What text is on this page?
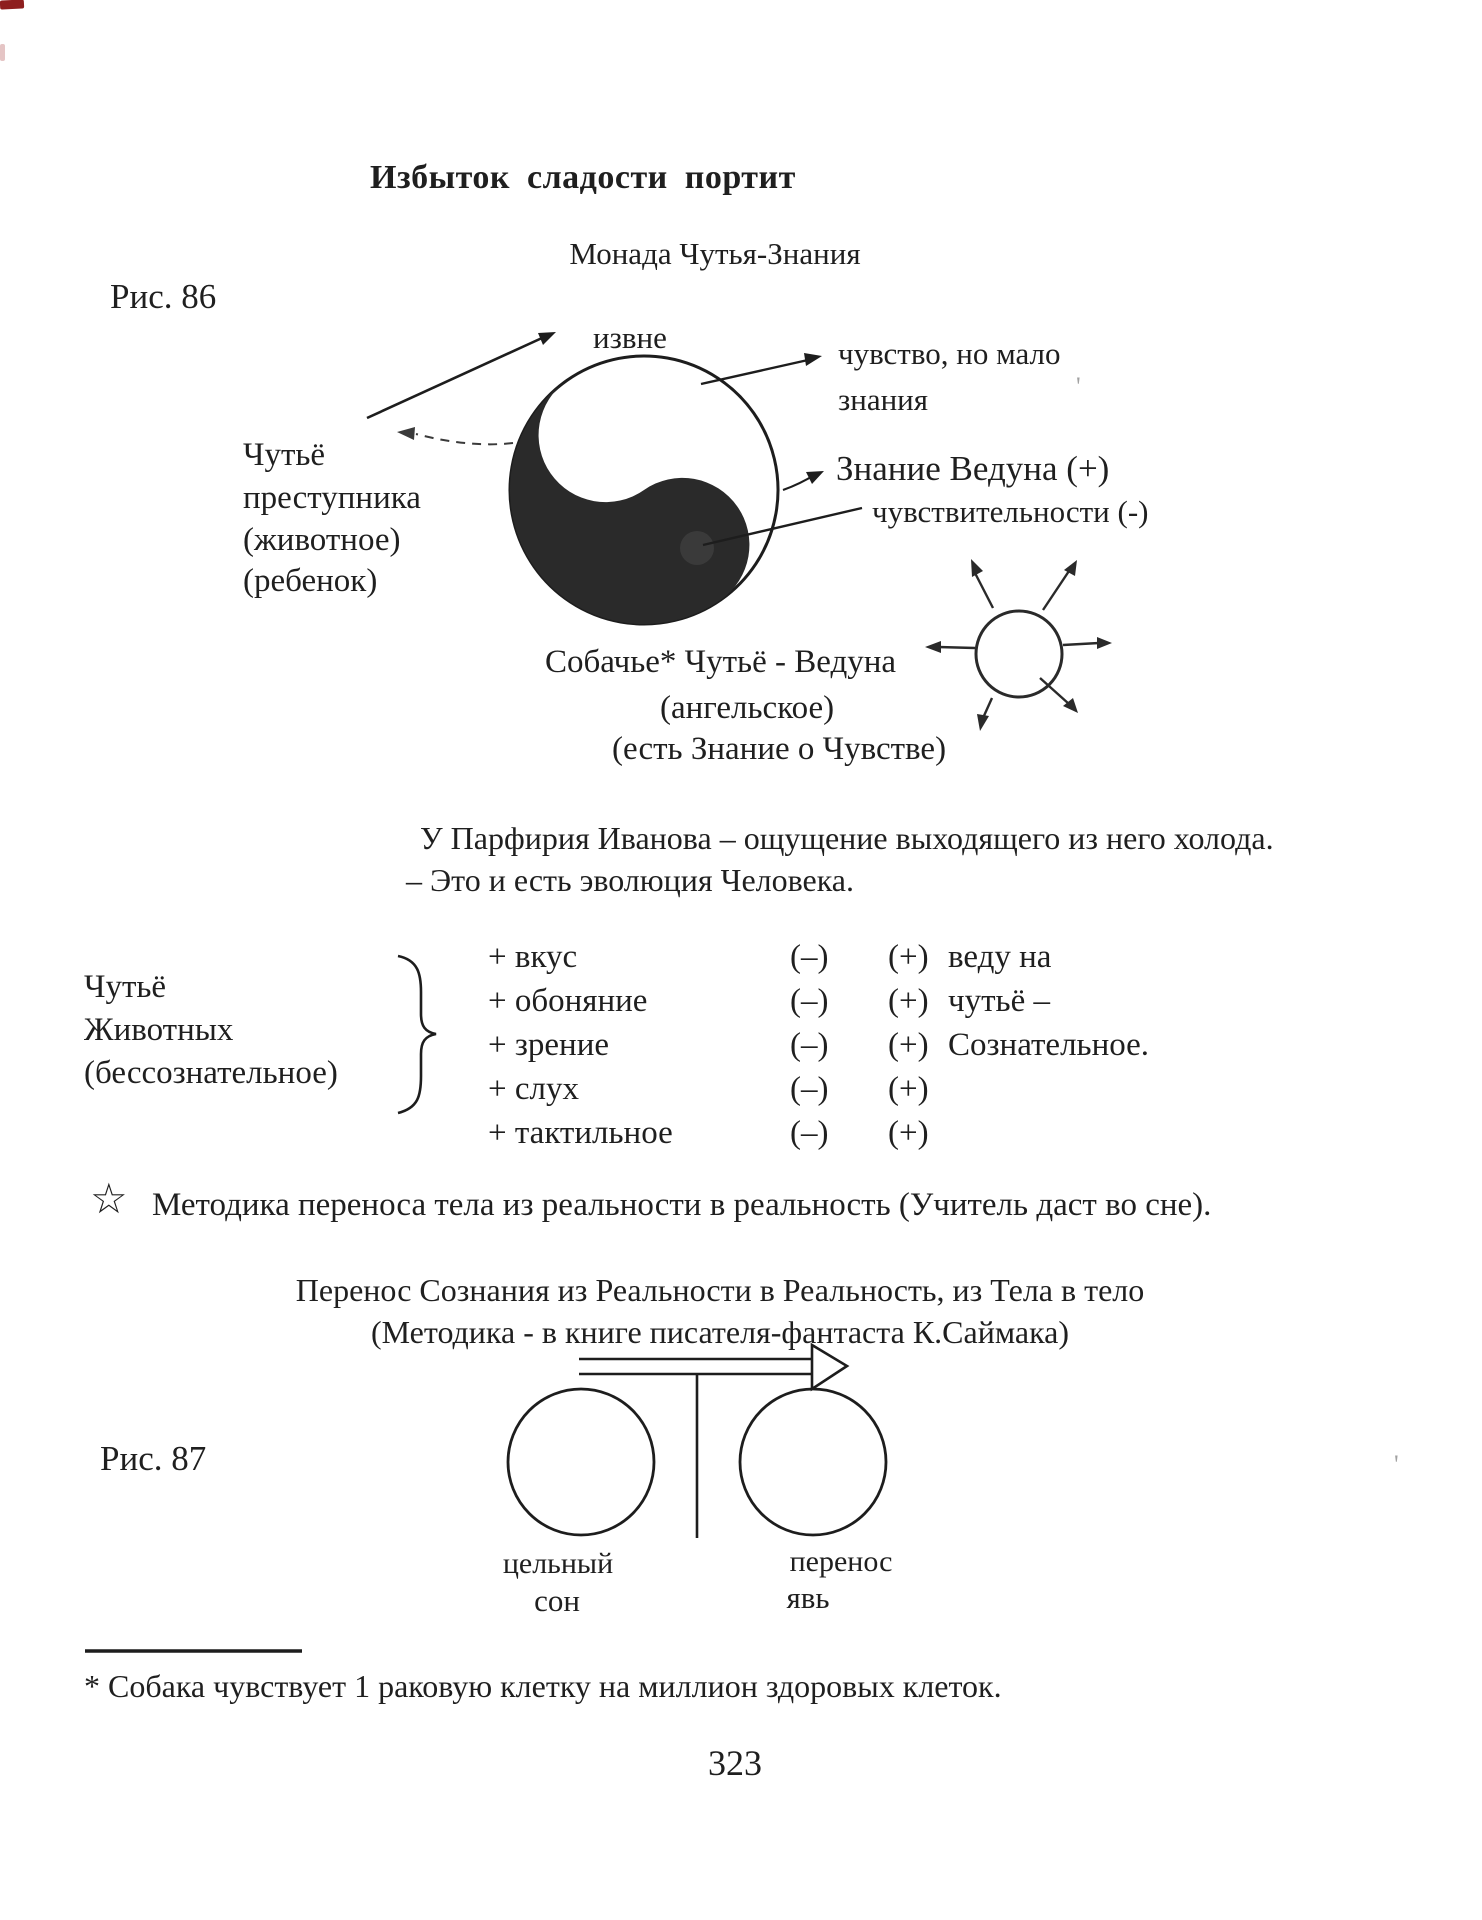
Избыток сладости портит
Монада Чутья-Знания
Рис. 86
извне
Чутьё
преступника
(животное)
(ребенок)
чувство, но мало
знания
Знание Ведуна (+)
чувствительности (-)
Собачье* Чутьё - Ведуна
(ангельское)
(есть Знание о Чувстве)
У Парфирия Иванова – ощущение выходящего из него холода.
– Это и есть эволюция Человека.
Чутьё
Животных
(бессознательное)
+ вкус	(–) (+) веду на
+ обоняние	(–) (+) чутьё –
+ зрение	(–) (+) Сознательное.
+ слух	(–) (+)
+ тактильное	(–) (+)
☆ Методика переноса тела из реальности в реальность (Учитель даст во сне).
Перенос Сознания из Реальности в Реальность, из Тела в тело
(Методика - в книге писателя-фантаста К.Саймака)
Рис. 87
цельный	перенос
сон	явь
* Собака чувствует 1 раковую клетку на миллион здоровых клеток.
323
'
'
